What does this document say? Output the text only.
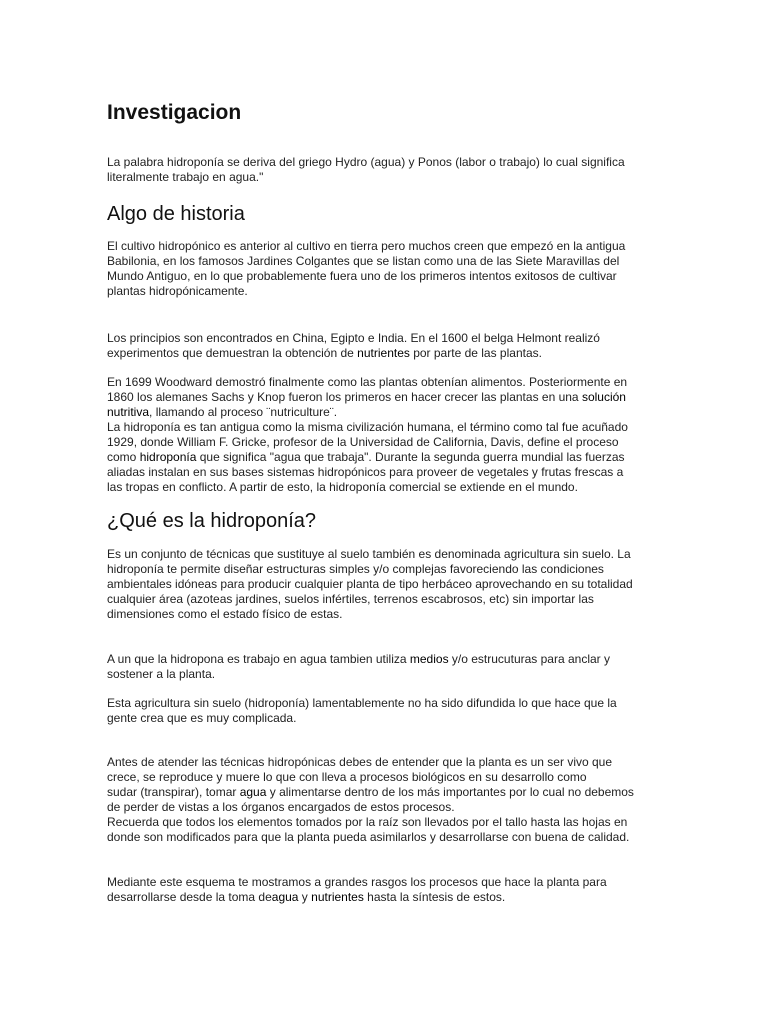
Investigacion
La palabra hidroponía se deriva del griego Hydro (agua) y Ponos (labor o trabajo) lo cual significa
literalmente trabajo en agua."
Algo de historia
El cultivo hidropónico es anterior al cultivo en tierra pero muchos creen que empezó en la antigua
Babilonia, en los famosos Jardines Colgantes que se listan como una de las Siete Maravillas del
Mundo Antiguo, en lo que probablemente fuera uno de los primeros intentos exitosos de cultivar
plantas hidropónicamente.
Los principios son encontrados en China, Egipto e India. En el 1600 el belga Helmont realizó
experimentos que demuestran la obtención de nutrientes por parte de las plantas.
En 1699 Woodward demostró finalmente como las plantas obtenían alimentos. Posteriormente en
1860 los alemanes Sachs y Knop fueron los primeros en hacer crecer las plantas en una solución
nutritiva, llamando al proceso ¨nutriculture¨.
La hidroponía es tan antigua como la misma civilización humana, el término como tal fue acuñado
1929, donde William F. Gricke, profesor de la Universidad de California, Davis, define el proceso
como hidroponía que significa "agua que trabaja". Durante la segunda guerra mundial las fuerzas
aliadas instalan en sus bases sistemas hidropónicos para proveer de vegetales y frutas frescas a
las tropas en conflicto. A partir de esto, la hidroponía comercial se extiende en el mundo.
¿Qué es la hidroponía?
Es un conjunto de técnicas que sustituye al suelo también es denominada agricultura sin suelo. La
hidroponía te permite diseñar estructuras simples y/o complejas favoreciendo las condiciones
ambientales idóneas para producir cualquier planta de tipo herbáceo aprovechando en su totalidad
cualquier área (azoteas jardines, suelos infértiles, terrenos escabrosos, etc) sin importar las
dimensiones como el estado físico de estas.
A un que la hidropona es trabajo en agua tambien utiliza medios y/o estrucuturas para anclar y
sostener a la planta.
Esta agricultura sin suelo (hidroponía) lamentablemente no ha sido difundida lo que hace que la
gente crea que es muy complicada.
Antes de atender las técnicas hidropónicas debes de entender que la planta es un ser vivo que
crece, se reproduce y muere lo que con lleva a procesos biológicos en su desarrollo como
sudar (transpirar), tomar agua y alimentarse dentro de los más importantes por lo cual no debemos
de perder de vistas a los órganos encargados de estos procesos.
Recuerda que todos los elementos tomados por la raíz son llevados por el tallo hasta las hojas en
donde son modificados para que la planta pueda asimilarlos y desarrollarse con buena de calidad.
Mediante este esquema te mostramos a grandes rasgos los procesos que hace la planta para
desarrollarse desde la toma deagua y nutrientes hasta la síntesis de estos.
